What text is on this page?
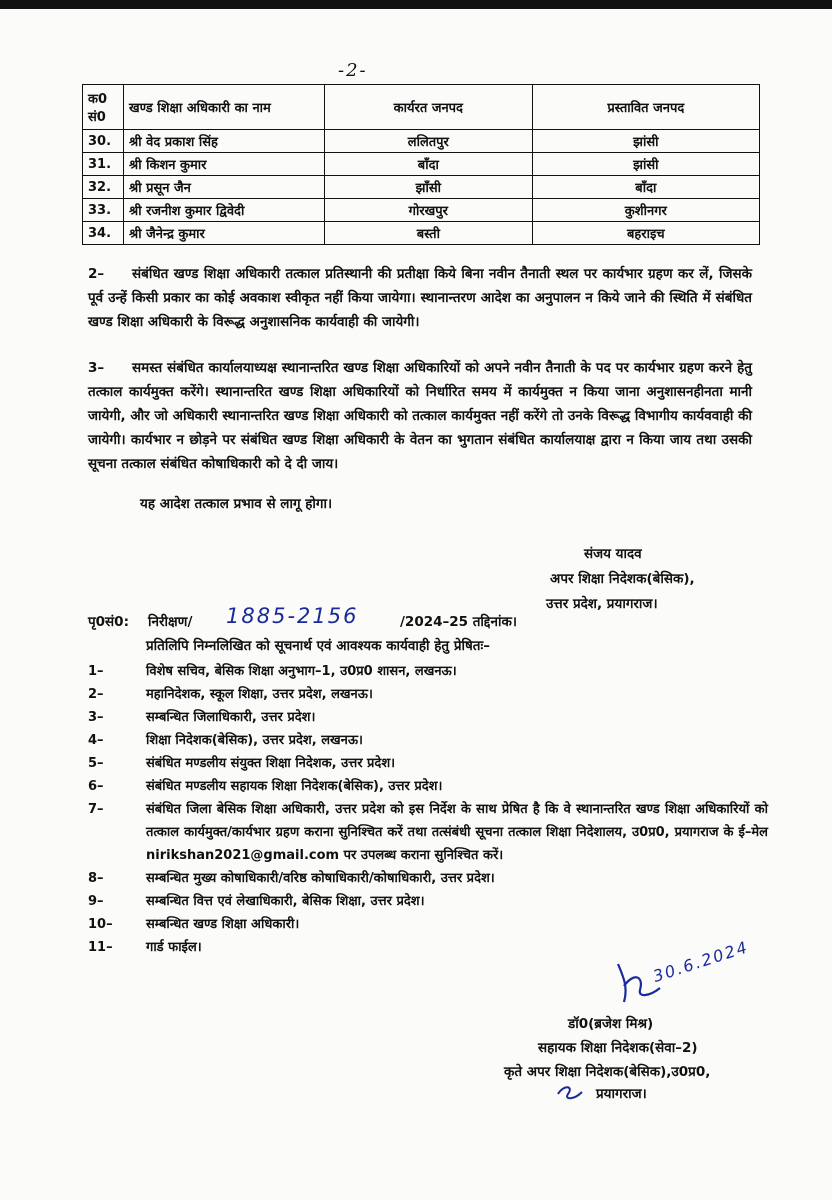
-2-
क0 सं0	खण्ड शिक्षा अधिकारी का नाम	कार्यरत जनपद	प्रस्तावित जनपद
30.	श्री वेद प्रकाश सिंह	ललितपुर	झांसी
31.	श्री किशन कुमार	बाँदा	झांसी
32.	श्री प्रसून जैन	झाँसी	बाँदा
33.	श्री रजनीश कुमार द्विवेदी	गोरखपुर	कुशीनगर
34.	श्री जैनेन्द्र कुमार	बस्ती	बहराइच
2– संबंधित खण्ड शिक्षा अधिकारी तत्काल प्रतिस्थानी की प्रतीक्षा किये बिना नवीन तैनाती स्थल पर कार्यभार ग्रहण कर लें, जिसके पूर्व उन्हें किसी प्रकार का कोई अवकाश स्वीकृत नहीं किया जायेगा। स्थानान्तरण आदेश का अनुपालन न किये जाने की स्थिति में संबंधित खण्ड शिक्षा अधिकारी के विरूद्ध अनुशासनिक कार्यवाही की जायेगी।
3– समस्त संबंधित कार्यालयाध्यक्ष स्थानान्तरित खण्ड शिक्षा अधिकारियों को अपने नवीन तैनाती के पद पर कार्यभार ग्रहण करने हेतु तत्काल कार्यमुक्त करेंगे। स्थानान्तरित खण्ड शिक्षा अधिकारियों को निर्धारित समय में कार्यमुक्त न किया जाना अनुशासनहीनता मानी जायेगी, और जो अधिकारी स्थानान्तरित खण्ड शिक्षा अधिकारी को तत्काल कार्यमुक्त नहीं करेंगे तो उनके विरूद्ध विभागीय कार्यववाही की जायेगी। कार्यभार न छोड़ने पर संबंधित खण्ड शिक्षा अधिकारी के वेतन का भुगतान संबंधित कार्यालयाक्ष द्वारा न किया जाय तथा उसकी सूचना तत्काल संबंधित कोषाधिकारी को दे दी जाय।
यह आदेश तत्काल प्रभाव से लागू होगा।
संजय यादव
अपर शिक्षा निदेशक(बेसिक),
उत्तर प्रदेश, प्रयागराज।
पृ0सं0: निरीक्षण/ 1885-2156	/2024–25 तद्दिनांक।
प्रतिलिपि निम्नलिखित को सूचनार्थ एवं आवश्यक कार्यवाही हेतु प्रेषितः–
1–	विशेष सचिव, बेसिक शिक्षा अनुभाग–1, उ0प्र0 शासन, लखनऊ।
2–	महानिदेशक, स्कूल शिक्षा, उत्तर प्रदेश, लखनऊ।
3–	सम्बन्धित जिलाधिकारी, उत्तर प्रदेश।
4–	शिक्षा निदेशक(बेसिक), उत्तर प्रदेश, लखनऊ।
5–	संबंधित मण्डलीय संयुक्त शिक्षा निदेशक, उत्तर प्रदेश।
6–	संबंधित मण्डलीय सहायक शिक्षा निदेशक(बेसिक), उत्तर प्रदेश।
7–	संबंधित जिला बेसिक शिक्षा अधिकारी, उत्तर प्रदेश को इस निर्देश के साथ प्रेषित है कि वे स्थानान्तरित खण्ड शिक्षा अधिकारियों को तत्काल कार्यमुक्त/कार्यभार ग्रहण कराना सुनिश्चित करें तथा तत्संबंधी सूचना तत्काल शिक्षा निदेशालय, उ0प्र0, प्रयागराज के ई–मेल nirikshan2021@gmail.com पर उपलब्ध कराना सुनिश्चित करें।
8–	सम्बन्धित मुख्य कोषाधिकारी/वरिष्ठ कोषाधिकारी/कोषाधिकारी, उत्तर प्रदेश।
9–	सम्बन्धित वित्त एवं लेखाधिकारी, बेसिक शिक्षा, उत्तर प्रदेश।
10–	सम्बन्धित खण्ड शिक्षा अधिकारी।
11–	गार्ड फाईल।	30.6.2024
डॉ0(ब्रजेश मिश्र)
सहायक शिक्षा निदेशक(सेवा–2)
कृते अपर शिक्षा निदेशक(बेसिक),उ0प्र0,
प्रयागराज।
